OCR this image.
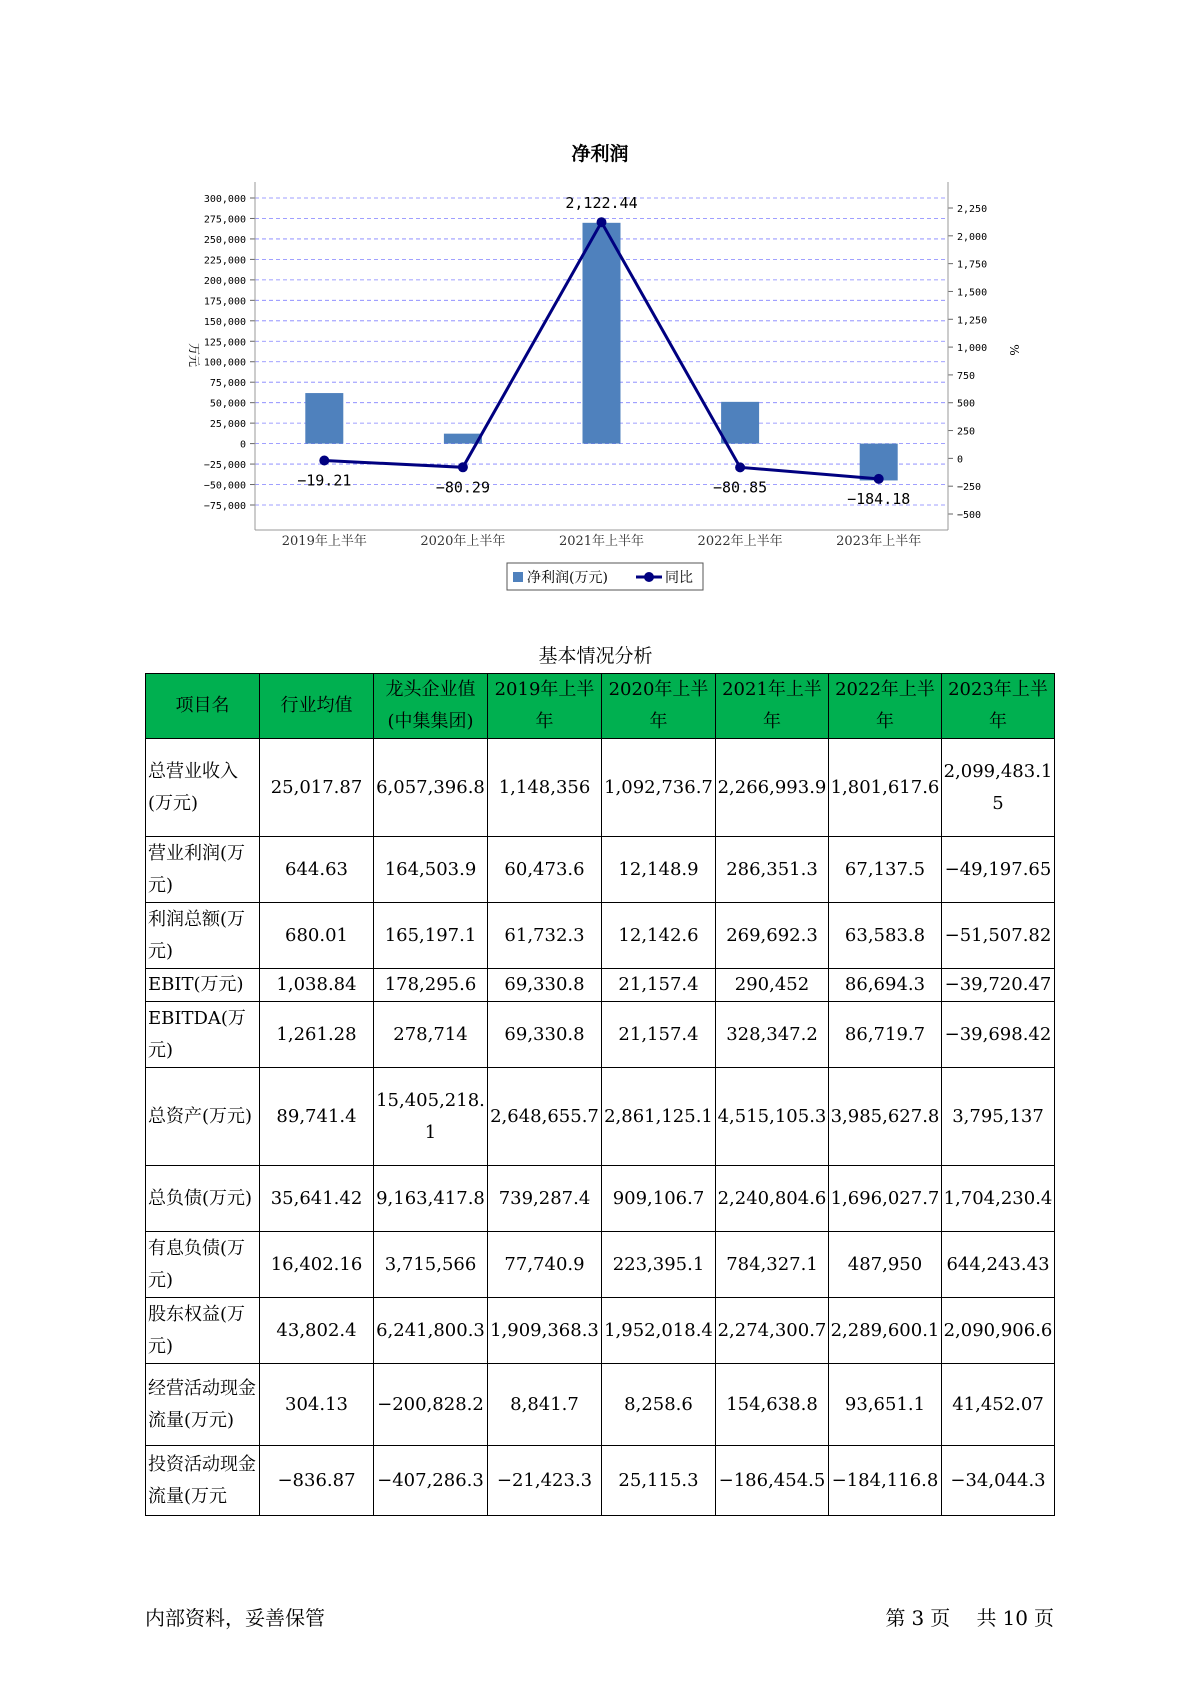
净利润
300,000
275,000
250,000
225,000
200,000
175,000
150,000
125,000
100,000
75,000
50,000
25,000
0
−25,000
−50,000
−75,000
2,250
2,000
1,750
1,500
1,250
1,000
750
500
250
0
−250
−500
万元	%
2019年上半年	2020年上半年	2021年上半年	2022年上半年	2023年上半年
−19.21	−80.29
2,122.44
−80.85
−184.18
净利润(万元)	同比
基本情况分析
项目名	行业均值	龙头企业值(中集集团)	2019年上半年	2020年上半年	2021年上半年	2022年上半年	2023年上半年
总营业收入(万元)	25,017.87	6,057,396.8	1,148,356	1,092,736.7	2,266,993.9	1,801,617.6	2,099,483.15
营业利润(万元)	644.63	164,503.9	60,473.6	12,148.9	286,351.3	67,137.5	−49,197.65
利润总额(万元)	680.01	165,197.1	61,732.3	12,142.6	269,692.3	63,583.8	−51,507.82
EBIT(万元)	1,038.84	178,295.6	69,330.8	21,157.4	290,452	86,694.3	−39,720.47
EBITDA(万元)	1,261.28	278,714	69,330.8	21,157.4	328,347.2	86,719.7	−39,698.42
总资产(万元)	89,741.4	15,405,218.1	2,648,655.7	2,861,125.1	4,515,105.3	3,985,627.8	3,795,137
总负债(万元)	35,641.42	9,163,417.8	739,287.4	909,106.7	2,240,804.6	1,696,027.7	1,704,230.4
有息负债(万元)	16,402.16	3,715,566	77,740.9	223,395.1	784,327.1	487,950	644,243.43
股东权益(万元)	43,802.4	6,241,800.3	1,909,368.3	1,952,018.4	2,274,300.7	2,289,600.1	2,090,906.6
经营活动现金流量(万元)	304.13	−200,828.2	8,841.7	8,258.6	154,638.8	93,651.1	41,452.07
投资活动现金流量(万元	−836.87	−407,286.3	−21,423.3	25,115.3	−186,454.5	−184,116.8	−34,044.3
内部资料，妥善保管	第 3 页 共 10 页
